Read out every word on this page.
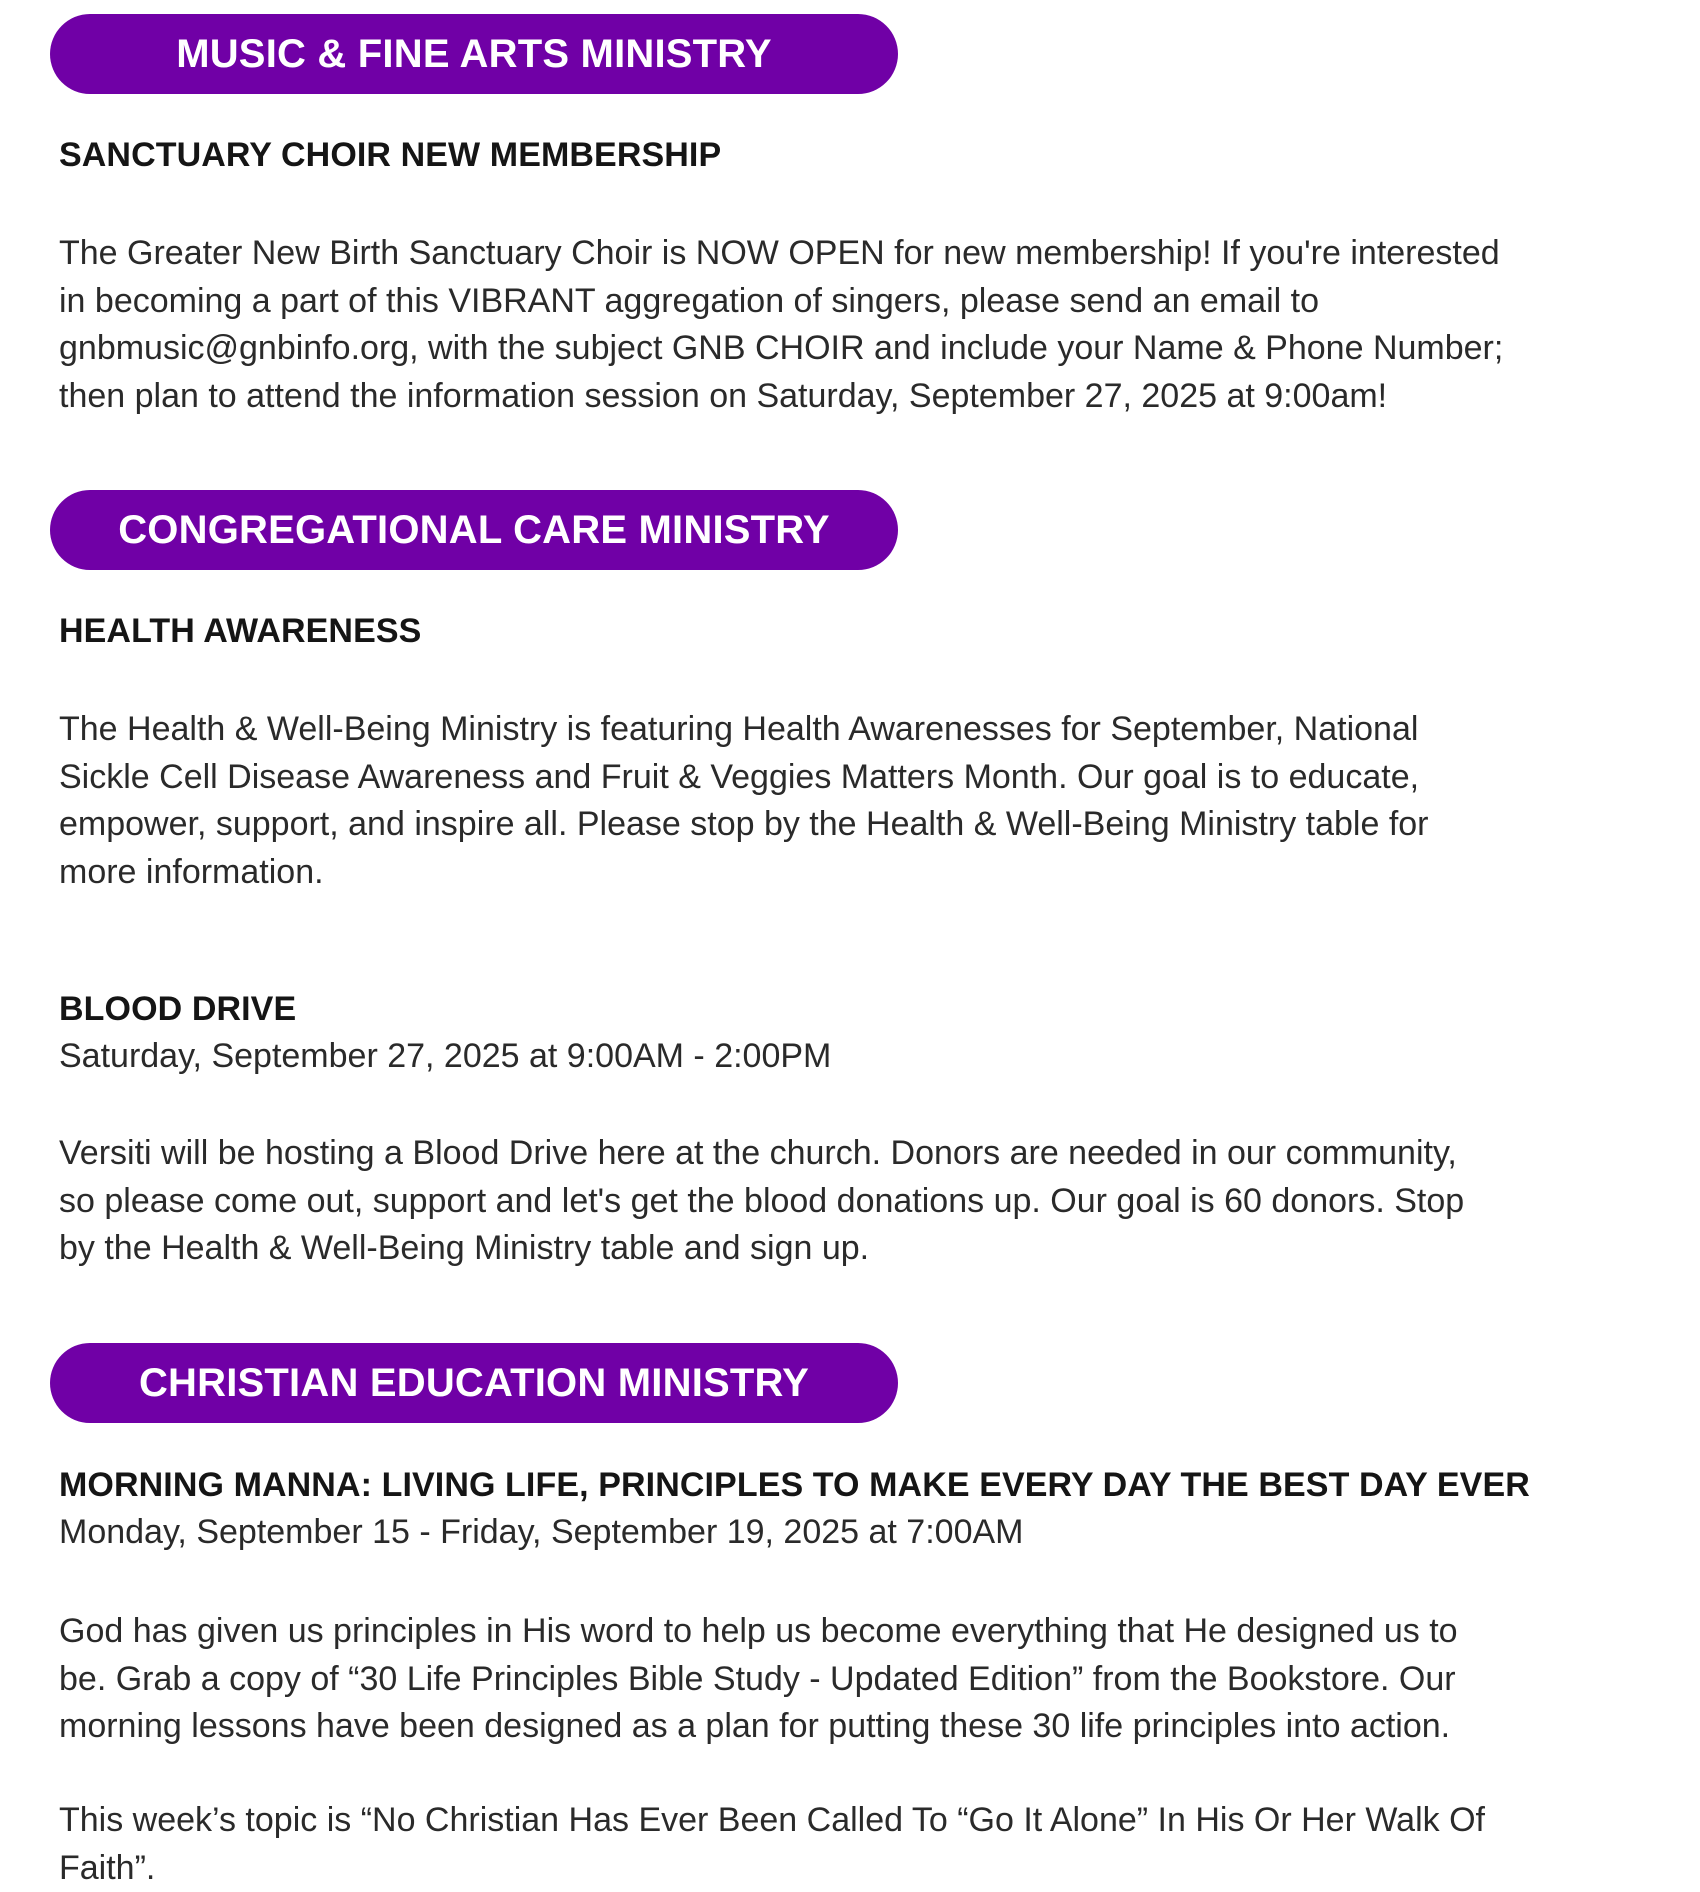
MUSIC & FINE ARTS MINISTRY
SANCTUARY CHOIR NEW MEMBERSHIP
The Greater New Birth Sanctuary Choir is NOW OPEN for new membership! If you're interested
in becoming a part of this VIBRANT aggregation of singers, please send an email to
gnbmusic@gnbinfo.org, with the subject GNB CHOIR and include your Name & Phone Number;
then plan to attend the information session on Saturday, September 27, 2025 at 9:00am!
CONGREGATIONAL CARE MINISTRY
HEALTH AWARENESS
The Health & Well-Being Ministry is featuring Health Awarenesses for September, National
Sickle Cell Disease Awareness and Fruit & Veggies Matters Month. Our goal is to educate,
empower, support, and inspire all. Please stop by the Health & Well-Being Ministry table for
more information.
BLOOD DRIVE
Saturday, September 27, 2025 at 9:00AM - 2:00PM
Versiti will be hosting a Blood Drive here at the church. Donors are needed in our community,
so please come out, support and let's get the blood donations up. Our goal is 60 donors. Stop
by the Health & Well-Being Ministry table and sign up.
CHRISTIAN EDUCATION MINISTRY
MORNING MANNA: LIVING LIFE, PRINCIPLES TO MAKE EVERY DAY THE BEST DAY EVER
Monday, September 15 - Friday, September 19, 2025 at 7:00AM
God has given us principles in His word to help us become everything that He designed us to
be. Grab a copy of “30 Life Principles Bible Study - Updated Edition” from the Bookstore. Our
morning lessons have been designed as a plan for putting these 30 life principles into action.
This week’s topic is “No Christian Has Ever Been Called To “Go It Alone” In His Or Her Walk Of
Faith”.
